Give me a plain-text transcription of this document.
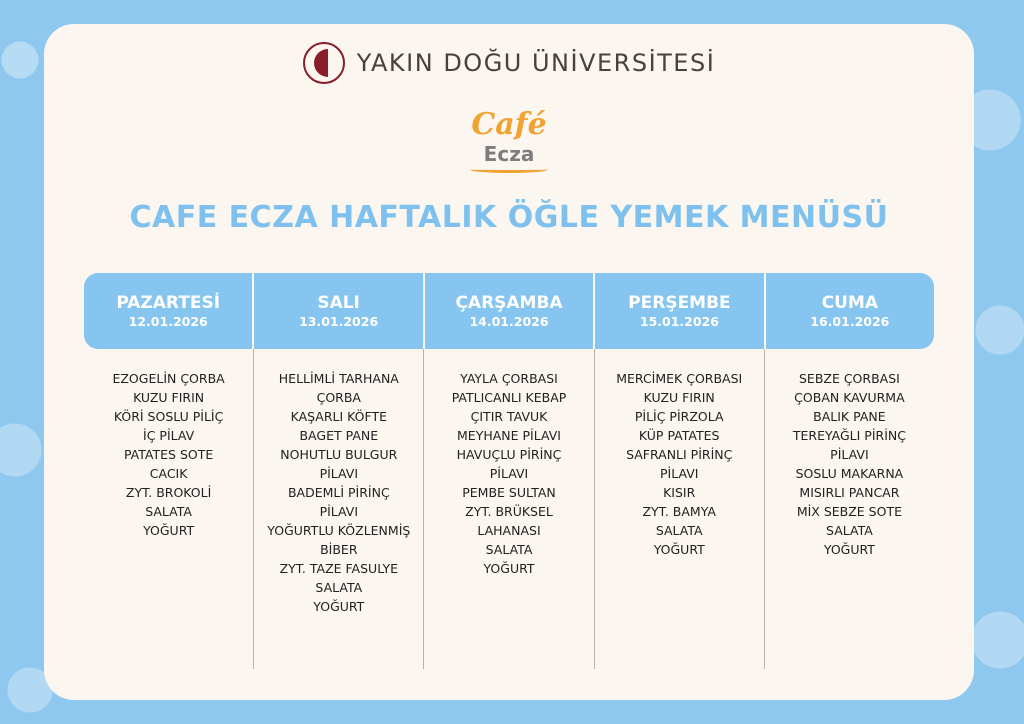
YAKIN DOĞU ÜNİVERSİTESİ
Café
Ecza
CAFE ECZA HAFTALIK ÖĞLE YEMEK MENÜSÜ
PAZARTESİ
12.01.2026
SALI
13.01.2026
ÇARŞAMBA
14.01.2026
PERŞEMBE
15.01.2026
CUMA
16.01.2026
EZOGELİN ÇORBA
KUZU FIRIN
KÖRİ SOSLU PİLİÇ
İÇ PİLAV
PATATES SOTE
CACIK
ZYT. BROKOLİ
SALATA
YOĞURT
HELLİMLİ TARHANA
ÇORBA
KAŞARLI KÖFTE
BAGET PANE
NOHUTLU BULGUR
PİLAVI
BADEMLİ PİRİNÇ
PİLAVI
YOĞURTLU KÖZLENMİŞ
BİBER
ZYT. TAZE FASULYE
SALATA
YOĞURT
YAYLA ÇORBASI
PATLICANLI KEBAP
ÇITIR TAVUK
MEYHANE PİLAVI
HAVUÇLU PİRİNÇ
PİLAVI
PEMBE SULTAN
ZYT. BRÜKSEL
LAHANASI
SALATA
YOĞURT
MERCİMEK ÇORBASI
KUZU FIRIN
PİLİÇ PİRZOLA
KÜP PATATES
SAFRANLI PİRİNÇ
PİLAVI
KISIR
ZYT. BAMYA
SALATA
YOĞURT
SEBZE ÇORBASI
ÇOBAN KAVURMA
BALIK PANE
TEREYAĞLI PİRİNÇ
PİLAVI
SOSLU MAKARNA
MISIRLI PANCAR
MİX SEBZE SOTE
SALATA
YOĞURT
